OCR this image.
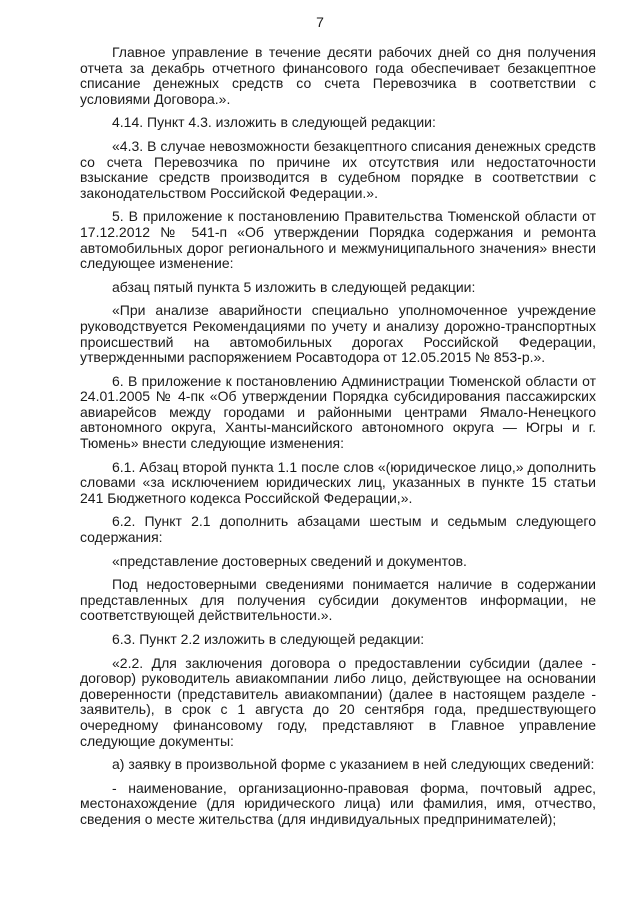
7

Главное управление в течение десяти рабочих дней со дня получения отчета за декабрь отчетного финансового года обеспечивает безакцептное списание денежных средств со счета Перевозчика в соответствии с условиями Договора.».

4.14. Пункт 4.3. изложить в следующей редакции:

«4.3. В случае невозможности безакцептного списания денежных средств со счета Перевозчика по причине их отсутствия или недостаточности взыскание средств производится в судебном порядке в соответствии с законодательством Российской Федерации.».

5. В приложение к постановлению Правительства Тюменской области от 17.12.2012 № 541-п «Об утверждении Порядка содержания и ремонта автомобильных дорог регионального и межмуниципального значения» внести следующее изменение:

абзац пятый пункта 5 изложить в следующей редакции:

«При анализе аварийности специально уполномоченное учреждение руководствуется Рекомендациями по учету и анализу дорожно-транспортных происшествий на автомобильных дорогах Российской Федерации, утвержденными распоряжением Росавтодора от 12.05.2015 № 853-р.».

6. В приложение к постановлению Администрации Тюменской области от 24.01.2005 № 4-пк «Об утверждении Порядка субсидирования пассажирских авиарейсов между городами и районными центрами Ямало-Ненецкого автономного округа, Ханты-мансийского автономного округа — Югры и г. Тюмень» внести следующие изменения:

6.1. Абзац второй пункта 1.1 после слов «(юридическое лицо,» дополнить словами «за исключением юридических лиц, указанных в пункте 15 статьи 241 Бюджетного кодекса Российской Федерации,».

6.2. Пункт 2.1 дополнить абзацами шестым и седьмым следующего содержания:

«представление достоверных сведений и документов.

Под недостоверными сведениями понимается наличие в содержании представленных для получения субсидии документов информации, не соответствующей действительности.».

6.3. Пункт 2.2 изложить в следующей редакции:

«2.2. Для заключения договора о предоставлении субсидии (далее - договор) руководитель авиакомпании либо лицо, действующее на основании доверенности (представитель авиакомпании) (далее в настоящем разделе - заявитель), в срок с 1 августа до 20 сентября года, предшествующего очередному финансовому году, представляют в Главное управление следующие документы:

а) заявку в произвольной форме с указанием в ней следующих сведений:

- наименование, организационно-правовая форма, почтовый адрес, местонахождение (для юридического лица) или фамилия, имя, отчество, сведения о месте жительства (для индивидуальных предпринимателей);
